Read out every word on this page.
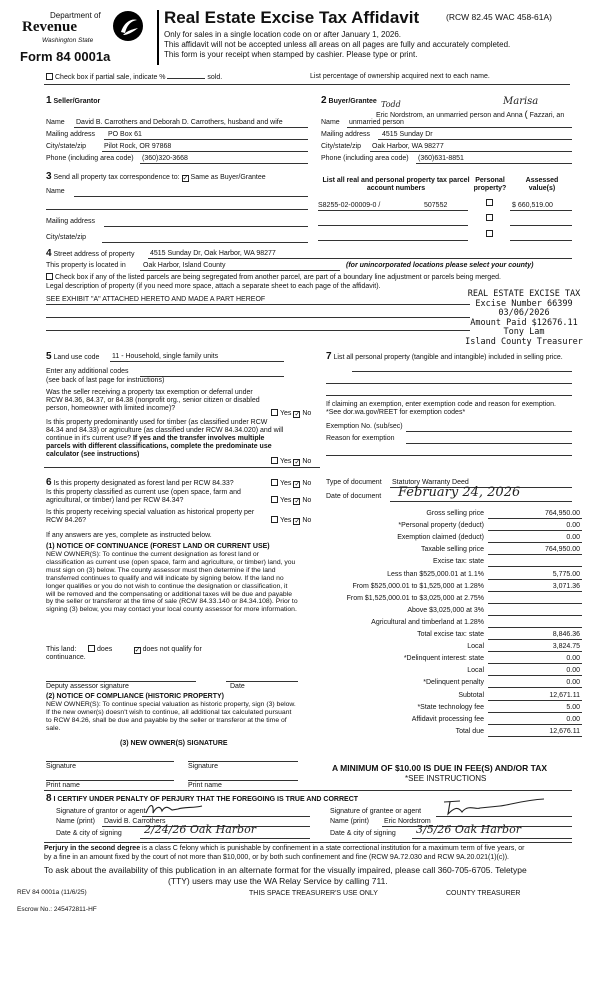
Department of
Revenue
Washington State
Form 84 0001a
Real Estate Excise Tax Affidavit	(RCW 82.45 WAC 458-61A)
Only for sales in a single location code on or after January 1, 2026.
This affidavit will not be accepted unless all areas on all pages are fully and accurately completed.
This form is your receipt when stamped by cashier. Please type or print.
Check box if partial sale, indicate %	sold.	List percentage of ownership acquired next to each name.
1 Seller/Grantor
Name David B. Carrothers and Deborah D. Carrothers, husband and wife
Mailing address PO Box 61
City/state/zip	Pilot Rock, OR 97868
Phone (including area code) (360)320-3668
2 Buyer/Grantee Todd	Marisa
Eric Nordstrom, an unmarried person and Anna ( Fazzari, an
Name unmarried person
Mailing address 4515 Sunday Dr
City/state/zip Oak Harbor, WA 98277
Phone (including area code) (360)631-8851
3 Send all property tax correspondence to: ✓ Same as Buyer/Grantee
Name
Mailing address
City/state/zip
List all real and personal property tax parcel account numbers
Personal property?
Assessed value(s)
S8255-02-00009-0 /	507552	$ 660,519.00
4 Street address of property 4515 Sunday Dr, Oak Harbor, WA 98277
This property is located in Oak Harbor, Island County	(for unincorporated locations please select your county)
Check box if any of the listed parcels are being segregated from another parcel, are part of a boundary line adjustment or parcels being merged.
Legal description of property (if you need more space, attach a separate sheet to each page of the affidavit).
SEE EXHIBIT "A" ATTACHED HERETO AND MADE A PART HEREOF
REAL ESTATE EXCISE TAX
Excise Number 66399
03/06/2026
Amount Paid $12676.11
Tony Lam
Island County Treasurer
5 Land use code 11 - Household, single family units
Enter any additional codes
(see back of last page for instructions)
Was the seller receiving a property tax exemption or deferral under RCW 84.36, 84.37, or 84.38 (nonprofit org., senior citizen or disabled person, homeowner with limited income)?
Yes ✓ No
Is this property predominantly used for timber (as classified under RCW 84.34 and 84.33) or agriculture (as classified under RCW 84.34.020) and will continue in it's current use? If yes and the transfer involves multiple parcels with different classifications, complete the predominate use calculator (see instructions)
Yes ✓ No
7 List all personal property (tangible and intangible) included in selling price.
If claiming an exemption, enter exemption code and reason for exemption. *See dor.wa.gov/REET for exemption codes*
Exemption No. (sub/sec)
Reason for exemption
6 Is this property designated as forest land per RCW 84.33?	Yes ✓ No
Is this property classified as current use (open space, farm and agricultural, or timber) land per RCW 84.34?	Yes ✓ No
Is this property receiving special valuation as historical property per RCW 84.26?	Yes ✓ No
If any answers are yes, complete as instructed below.
(1) NOTICE OF CONTINUANCE (FOREST LAND OR CURRENT USE)
NEW OWNER(S): To continue the current designation as forest land or classification as current use (open space, farm and agriculture, or timber) land, you must sign on (3) below. The county assessor must then determine if the land transferred continues to qualify and will indicate by signing below. If the land no longer qualifies or you do not wish to continue the designation or classification, it will be removed and the compensating or additional taxes will be due and payable by the seller or transferor at the time of sale (RCW 84.33.140 or 84.34.108). Prior to signing (3) below, you may contact your local county assessor for more information.
This land:	does	✓ does not qualify for
continuance.
Deputy assessor signature	Date
(2) NOTICE OF COMPLIANCE (HISTORIC PROPERTY)
NEW OWNER(S): To continue special valuation as historic property, sign (3) below. If the new owner(s) doesn't wish to continue, all additional tax calculated pursuant to RCW 84.26, shall be due and payable by the seller or transferor at the time of sale.
(3) NEW OWNER(S) SIGNATURE
Signature	Signature
Print name	Print name
Type of document Statutory Warranty Deed
Date of document February 24, 2026
Gross selling price	764,950.00
*Personal property (deduct)	0.00
Exemption claimed (deduct)	0.00
Taxable selling price	764,950.00
Excise tax: state
Less than $525,000.01 at 1.1%	5,775.00
From $525,000.01 to $1,525,000 at 1.28%	3,071.36
From $1,525,000.01 to $3,025,000 at 2.75%
Above $3,025,000 at 3%
Agricultural and timberland at 1.28%
Total excise tax: state	8,846.36
Local	3,824.75
*Delinquent interest: state	0.00
Local	0.00
*Delinquent penalty	0.00
Subtotal	12,671.11
*State technology fee	5.00
Affidavit processing fee	0.00
Total due	12,676.11
A MINIMUM OF $10.00 IS DUE IN FEE(S) AND/OR TAX
*SEE INSTRUCTIONS
8 I CERTIFY UNDER PENALTY OF PERJURY THAT THE FOREGOING IS TRUE AND CORRECT
Signature of grantor or agent
Name (print) David B. Carrothers
Date & city of signing 2/24/26 Oak Harbor
Signature of grantee or agent
Name (print) Eric Nordstrom
Date & city of signing 3/5/26 Oak Harbor
Perjury in the second degree is a class C felony which is punishable by confinement in a state correctional institution for a maximum term of five years, or
by a fine in an amount fixed by the court of not more than $10,000, or by both such confinement and fine (RCW 9A.72.030 and RCW 9A.20.021(1)(c)).
To ask about the availability of this publication in an alternate format for the visually impaired, please call 360-705-6705. Teletype
(TTY) users may use the WA Relay Service by calling 711.
REV 84 0001a (11/6/25)	THIS SPACE TREASURER'S USE ONLY	COUNTY TREASURER
Escrow No.: 245472811-HF
